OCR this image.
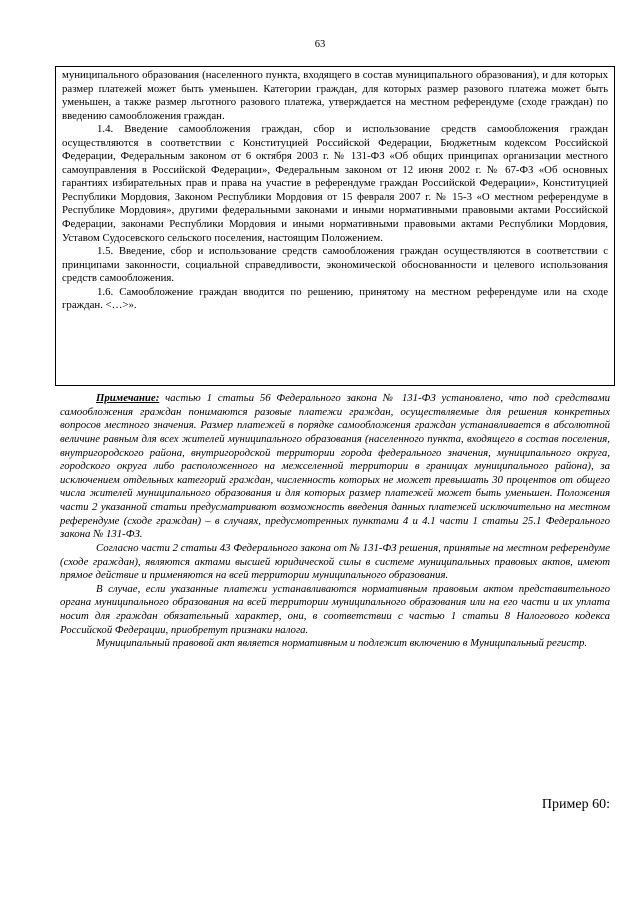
63

муниципального образования (населенного пункта, входящего в состав муниципального образования), и для которых размер платежей может быть уменьшен. Категории граждан, для которых размер разового платежа может быть уменьшен, а также размер льготного разового платежа, утверждается на местном референдуме (сходе граждан) по введению самообложения граждан.

1.4. Введение самообложения граждан, сбор и использование средств самообложения граждан осуществляются в соответствии с Конституцией Российской Федерации, Бюджетным кодексом Российской Федерации, Федеральным законом от 6 октября 2003 г. № 131-ФЗ «Об общих принципах организации местного самоуправления в Российской Федерации», Федеральным законом от 12 июня 2002 г. № 67-ФЗ «Об основных гарантиях избирательных прав и права на участие в референдуме граждан Российской Федерации», Конституцией Республики Мордовия, Законом Республики Мордовия от 15 февраля 2007 г. № 15-3 «О местном референдуме в Республике Мордовия», другими федеральными законами и иными нормативными правовыми актами Российской Федерации, законами Республики Мордовия и иными нормативными правовыми актами Республики Мордовия, Уставом Судосевского сельского поселения, настоящим Положением.

1.5. Введение, сбор и использование средств самообложения граждан осуществляются в соответствии с принципами законности, социальной справедливости, экономической обоснованности и целевого использования средств самообложения.

1.6. Самообложение граждан вводится по решению, принятому на местном референдуме или на сходе граждан. <…>».

Примечание: частью 1 статьи 56 Федерального закона № 131-ФЗ установлено, что под средствами самообложения граждан понимаются разовые платежи граждан, осуществляемые для решения конкретных вопросов местного значения. Размер платежей в порядке самообложения граждан устанавливается в абсолютной величине равным для всех жителей муниципального образования (населенного пункта, входящего в состав поселения, внутригородского района, внутригородской территории города федерального значения, муниципального округа, городского округа либо расположенного на межселенной территории в границах муниципального района), за исключением отдельных категорий граждан, численность которых не может превышать 30 процентов от общего числа жителей муниципального образования и для которых размер платежей может быть уменьшен. Положения части 2 указанной статьи предусматривают возможность введения данных платежей исключительно на местном референдуме (сходе граждан) – в случаях, предусмотренных пунктами 4 и 4.1 части 1 статьи 25.1 Федерального закона № 131-ФЗ.

Согласно части 2 статьи 43 Федерального закона от № 131-ФЗ решения, принятые на местном референдуме (сходе граждан), являются актами высшей юридической силы в системе муниципальных правовых актов, имеют прямое действие и применяются на всей территории муниципального образования.

В случае, если указанные платежи устанавливаются нормативным правовым актом представительного органа муниципального образования на всей территории муниципального образования или на его части и их уплата носит для граждан обязательный характер, они, в соответствии с частью 1 статьи 8 Налогового кодекса Российской Федерации, приобретут признаки налога.

Муниципальный правовой акт является нормативным и подлежит включению в Муниципальный регистр.

Пример 60:
